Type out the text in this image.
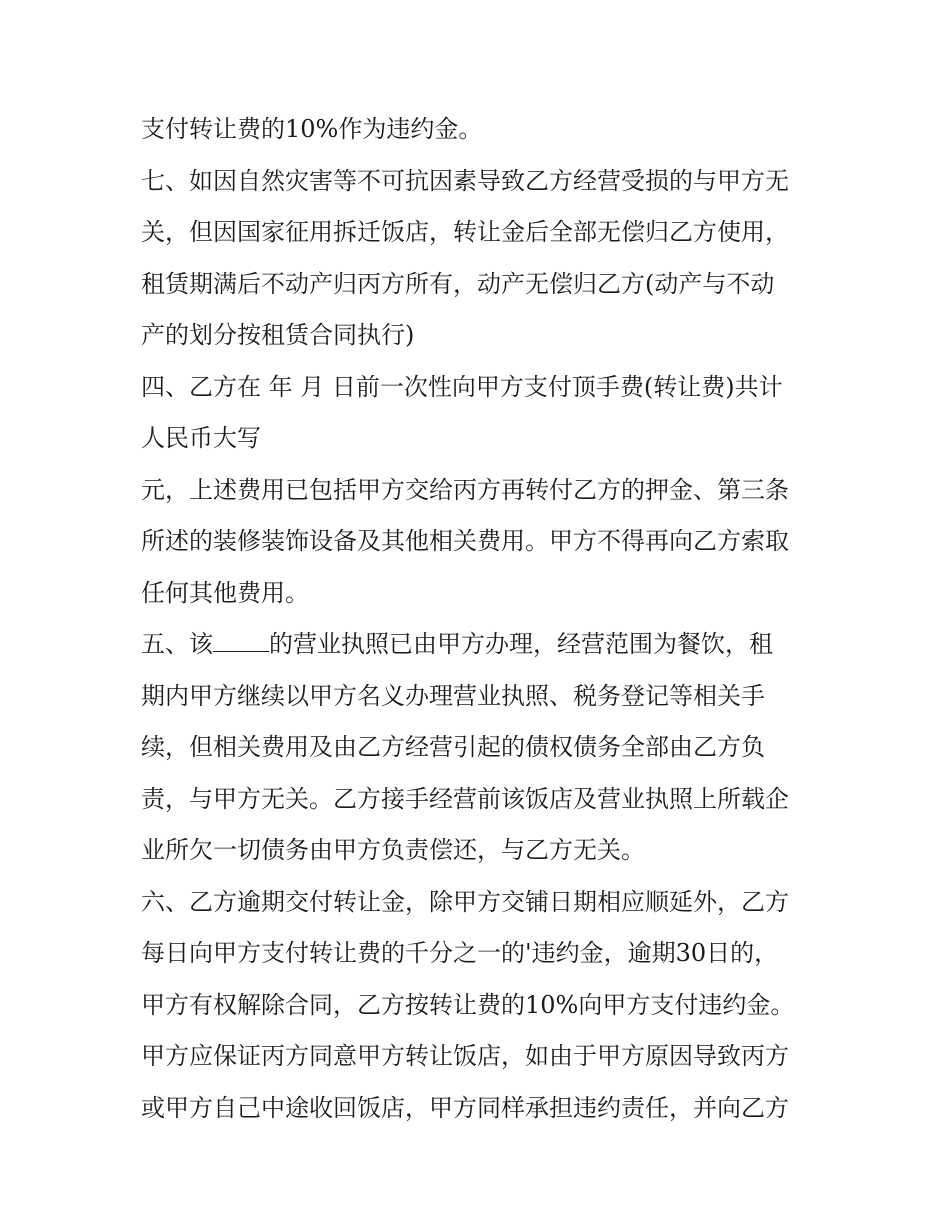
支付转让费的10%作为违约金。
七、如因自然灾害等不可抗因素导致乙方经营受损的与甲方无
关，但因国家征用拆迁饭店，转让金后全部无偿归乙方使用，
租赁期满后不动产归丙方所有，动产无偿归乙方(动产与不动
产的划分按租赁合同执行)
四、乙方在 年 月 日前一次性向甲方支付顶手费(转让费)共计
人民币大写
元，上述费用已包括甲方交给丙方再转付乙方的押金、第三条
所述的装修装饰设备及其他相关费用。甲方不得再向乙方索取
任何其他费用。
五、该 的营业执照已由甲方办理，经营范围为餐饮，租
期内甲方继续以甲方名义办理营业执照、税务登记等相关手
续，但相关费用及由乙方经营引起的债权债务全部由乙方负
责，与甲方无关。乙方接手经营前该饭店及营业执照上所载企
业所欠一切债务由甲方负责偿还，与乙方无关。
六、乙方逾期交付转让金，除甲方交铺日期相应顺延外，乙方
每日向甲方支付转让费的千分之一的'违约金，逾期30日的，
甲方有权解除合同，乙方按转让费的10%向甲方支付违约金。
甲方应保证丙方同意甲方转让饭店，如由于甲方原因导致丙方
或甲方自己中途收回饭店，甲方同样承担违约责任，并向乙方
